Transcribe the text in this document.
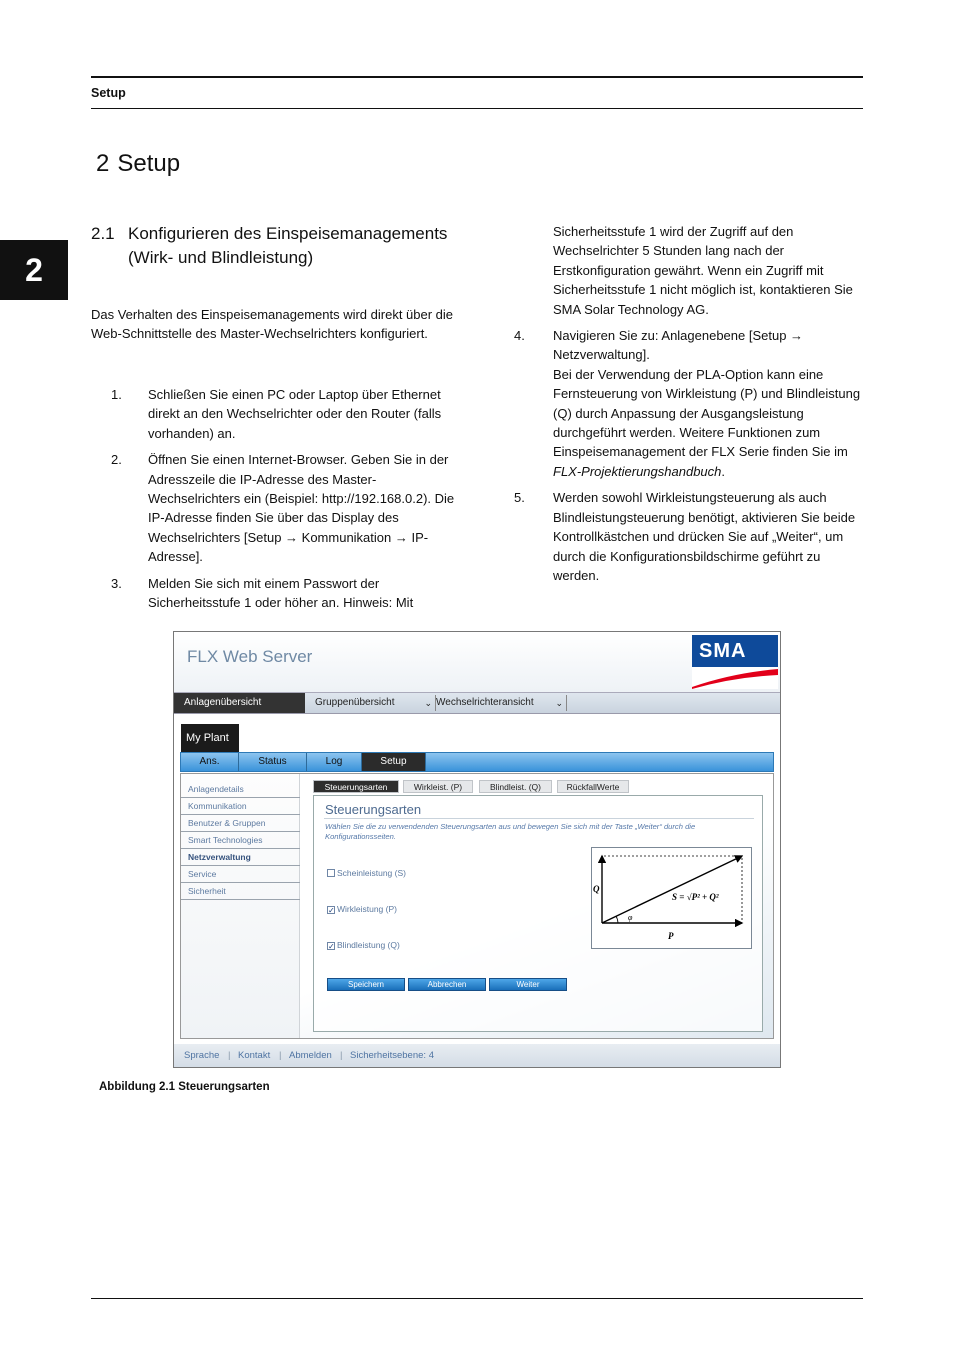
Setup
2
2 Setup
2.1 Konfigurieren des Einspeisemanagements (Wirk- und Blindleistung)

Das Verhalten des Einspeisemanagements wird direkt über die Web-Schnittstelle des Master-Wechselrichters konfiguriert.

1. Schließen Sie einen PC oder Laptop über Ethernet direkt an den Wechselrichter oder den Router (falls vorhanden) an.

2. Öffnen Sie einen Internet-Browser. Geben Sie in der Adresszeile die IP-Adresse des Master-Wechselrichters ein (Beispiel: http://192.168.0.2). Die IP-Adresse finden Sie über das Display des Wechselrichters [Setup → Kommunikation → IP-Adresse].

3. Melden Sie sich mit einem Passwort der Sicherheitsstufe 1 oder höher an. Hinweis: Mit

Sicherheitsstufe 1 wird der Zugriff auf den Wechselrichter 5 Stunden lang nach der Erstkonfiguration gewährt. Wenn ein Zugriff mit Sicherheitsstufe 1 nicht möglich ist, kontaktieren Sie SMA Solar Technology AG.

4. Navigieren Sie zu: Anlagenebene [Setup → Netzverwaltung].

Bei der Verwendung der PLA-Option kann eine Fernsteuerung von Wirkleistung (P) und Blindleistung (Q) durch Anpassung der Ausgangsleistung durchgeführt werden. Weitere Funktionen zum Einspeisemanagement der FLX Serie finden Sie im FLX-Projektierungshandbuch.

5. Werden sowohl Wirkleistungsteuerung als auch Blindleistungsteuerung benötigt, aktivieren Sie beide Kontrollkästchen und drücken Sie auf „Weiter“, um durch die Konfigurationsbildschirme geführt zu werden.

FLX Web Server	SMA
Anlagenübersicht	Gruppenübersicht	⌄ Wechselrichteransicht ⌄
My Plant
Ans.	Status	Log	Setup
Anlagendetails
Kommunikation
Benutzer & Gruppen
Smart Technologies
Netzverwaltung
Service
Sicherheit
Steuerungsarten	Wirkleist. (P)	Blindleist. (Q)	RückfallWerte
Steuerungsarten
Wählen Sie die zu verwendenden Steuerungsarten aus und bewegen Sie sich mit der Taste „Weiter“ durch die Konfigurationsseiten.
Scheinleistung (S)
✓ Wirkleistung (P)
✓ Blindleistung (Q)
Q
P
φ
S = √P² + Q²
Speichern	Abbrechen	Weiter
Sprache | Kontakt | Abmelden | Sicherheitsebene: 4
Abbildung 2.1 Steuerungsarten
